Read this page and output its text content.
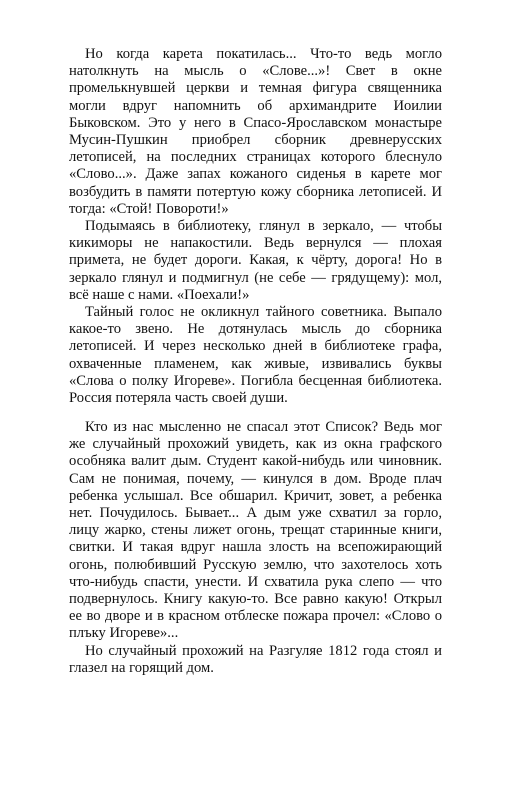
Но когда карета покатилась... Что-то ведь могло натолкнуть на мысль о «Слове...»! Свет в окне промелькнувшей церкви и темная фигура священника могли вдруг напомнить об архимандрите Иоилии Быковском. Это у него в Спасо-Ярославском монастыре Мусин-Пушкин приобрел сборник древнерусских летописей, на последних страницах которого блеснуло «Слово...». Даже запах кожаного сиденья в карете мог возбудить в памяти потертую кожу сборника летописей. И тогда: «Стой! Повороти!»

Подымаясь в библиотеку, глянул в зеркало, — чтобы кикиморы не напакостили. Ведь вернулся — плохая примета, не будет дороги. Какая, к чёрту, дорога! Но в зеркало глянул и подмигнул (не себе — грядущему): мол, всё наше с нами. «Поехали!»

Тайный голос не окликнул тайного советника. Выпало какое-то звено. Не дотянулась мысль до сборника летописей. И через несколько дней в библиотеке графа, охваченные пламенем, как живые, извивались буквы «Слова о полку Игореве». Погибла бесценная библиотека. Россия потеряла часть своей души.

Кто из нас мысленно не спасал этот Список? Ведь мог же случайный прохожий увидеть, как из окна графского особняка валит дым. Студент какой-нибудь или чиновник. Сам не понимая, почему, — кинулся в дом. Вроде плач ребенка услышал. Все обшарил. Кричит, зовет, а ребенка нет. Почудилось. Бывает... А дым уже схватил за горло, лицу жарко, стены лижет огонь, трещат старинные книги, свитки. И такая вдруг нашла злость на всепожирающий огонь, полюбивший Русскую землю, что захотелось хоть что-нибудь спасти, унести. И схватила рука слепо — что подвернулось. Книгу какую-то. Все равно какую! Открыл ее во дворе и в красном отблеске пожара прочел: «Слово о плъку Игореве»...

Но случайный прохожий на Разгуляе 1812 года стоял и глазел на горящий дом.
